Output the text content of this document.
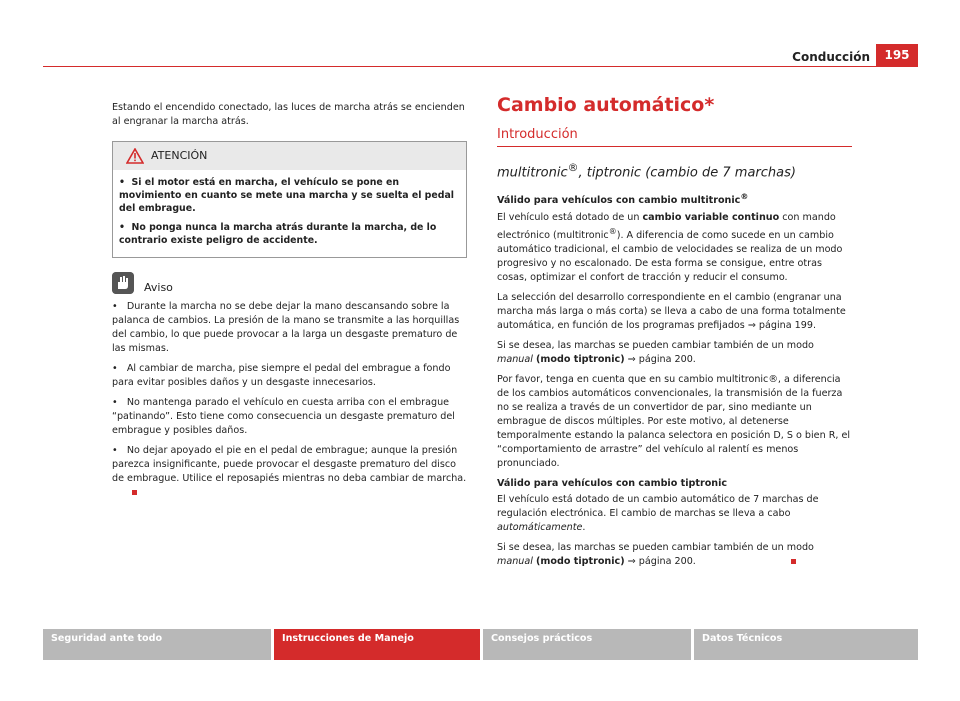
Conducción	195

Estando el encendido conectado, las luces de marcha atrás se encienden al engranar la marcha atrás.

ATENCIÓN
•  Si el motor está en marcha, el vehículo se pone en movimiento en cuanto se mete una marcha y se suelta el pedal del embrague.
•  No ponga nunca la marcha atrás durante la marcha, de lo contrario existe peligro de accidente.
Aviso
•   Durante la marcha no se debe dejar la mano descansando sobre la palanca de cambios. La presión de la mano se transmite a las horquillas del cambio, lo que puede provocar a la larga un desgaste prematuro de las mismas.
•   Al cambiar de marcha, pise siempre el pedal del embrague a fondo para evitar posibles daños y un desgaste innecesarios.
•   No mantenga parado el vehículo en cuesta arriba con el embrague “patinando”. Esto tiene como consecuencia un desgaste prematuro del embrague y posibles daños.
•   No dejar apoyado el pie en el pedal de embrague; aunque la presión parezca insignificante, puede provocar el desgaste prematuro del disco de embrague. Utilice el reposapiés mientras no deba cambiar de marcha.
Cambio automático*
Introducción
multitronic®, tiptronic (cambio de 7 marchas)
Válido para vehículos con cambio multitronic®

El vehículo está dotado de un cambio variable continuo con mando electrónico (multitronic®). A diferencia de como sucede en un cambio automático tradicional, el cambio de velocidades se realiza de un modo progresivo y no escalonado. De esta forma se consigue, entre otras cosas, optimizar el confort de tracción y reducir el consumo.

La selección del desarrollo correspondiente en el cambio (engranar una marcha más larga o más corta) se lleva a cabo de una forma totalmente automática, en función de los programas prefijados ⇒ página 199.

Si se desea, las marchas se pueden cambiar también de un modo manual (modo tiptronic) ⇒ página 200.

Por favor, tenga en cuenta que en su cambio multitronic®, a diferencia de los cambios automáticos convencionales, la transmisión de la fuerza no se realiza a través de un convertidor de par, sino mediante un embrague de discos múltiples. Por este motivo, al detenerse temporalmente estando la palanca selectora en posición D, S o bien R, el “comportamiento de arrastre” del vehículo al ralentí es menos pronunciado.

Válido para vehículos con cambio tiptronic

El vehículo está dotado de un cambio automático de 7 marchas de regulación electrónica. El cambio de marchas se lleva a cabo automáticamente.

Si se desea, las marchas se pueden cambiar también de un modo manual (modo tiptronic) ⇒ página 200.

Seguridad ante todo	Instrucciones de Manejo	Consejos prácticos	Datos Técnicos
